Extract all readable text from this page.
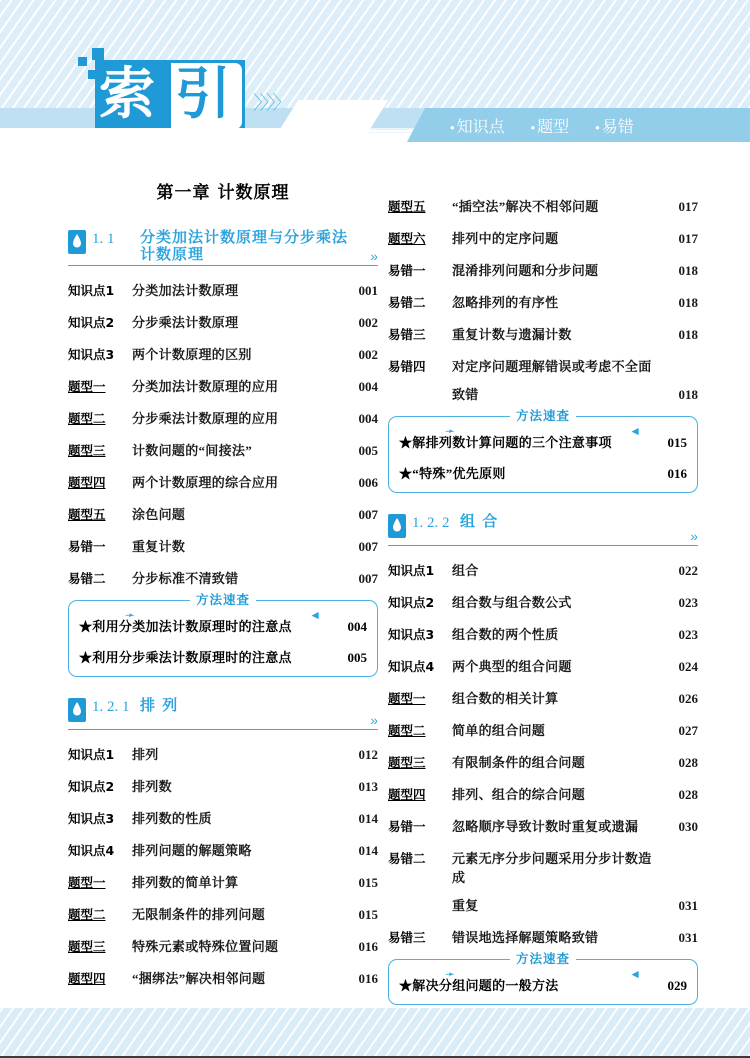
索 引 〉〉〉〉
• 知识点 • 题型 • 易错
第一章 计数原理
1. 1 分类加法计数原理与分步乘法计数原理	»
知识点1	分类加法计数原理	001
知识点2	分步乘法计数原理	002
知识点3	两个计数原理的区别	002
题型一	分类加法计数原理的应用	004
题型二	分步乘法计数原理的应用	004
题型三	计数问题的“间接法”	005
题型四	两个计数原理的综合应用	006
题型五	涂色问题	007
易错一	重复计数	007
易错二	分步标准不清致错	007
方法速查
➛	◄
★利用分类加法计数原理时的注意点	004
★利用分步乘法计数原理时的注意点	005
1. 2. 1 排 列
»
知识点1	排列	012
知识点2	排列数	013
知识点3	排列数的性质	014
知识点4	排列问题的解题策略	014
题型一	排列数的简单计算	015
题型二	无限制条件的排列问题	015
题型三	特殊元素或特殊位置问题	016
题型四	“捆绑法”解决相邻问题	016
题型五	“插空法”解决不相邻问题	017
题型六	排列中的定序问题	017
易错一	混淆排列问题和分步问题	018
易错二	忽略排列的有序性	018
易错三	重复计数与遗漏计数	018
易错四	对定序问题理解错误或考虑不全面
致错	018
方法速查
➛	◄
★解排列数计算问题的三个注意事项	015
★“特殊”优先原则	016
1. 2. 2 组 合
»
知识点1	组合	022
知识点2	组合数与组合数公式	023
知识点3	组合数的两个性质	023
知识点4	两个典型的组合问题	024
题型一	组合数的相关计算	026
题型二	简单的组合问题	027
题型三	有限制条件的组合问题	028
题型四	排列、组合的综合问题	028
易错一	忽略顺序导致计数时重复或遗漏	030
易错二	元素无序分步问题采用分步计数造成
重复	031
易错三	错误地选择解题策略致错	031
方法速查
➛	◄
★解决分组问题的一般方法	029
